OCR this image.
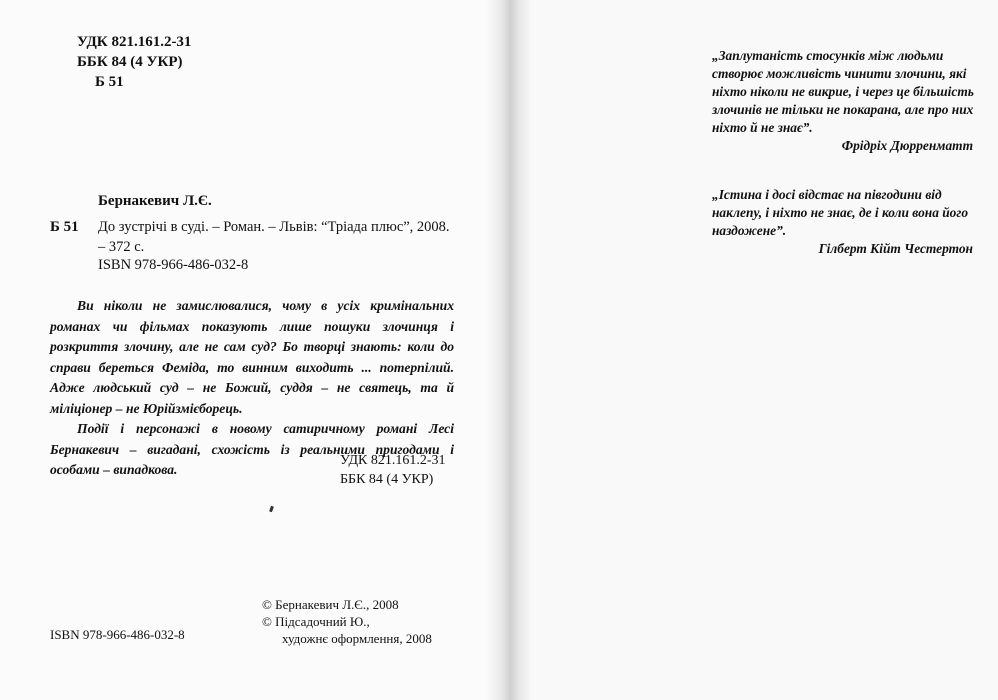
УДК 821.161.2-31
ББК 84 (4 УКР)
Б 51
Бернакевич Л.Є.
Б 51 До зустрічі в суді. – Роман. – Львів: “Тріада плюс”, 2008. – 372 с.
ISBN 978-966-486-032-8

Ви ніколи не замислювалися, чому в усіх кримінальних романах чи фільмах показують лише пошуки злочинця і розкриття злочину, але не сам суд? Бо творці знають: коли до справи береться Феміда, то винним виходить ... потерпілий. Адже людський суд – не Божий, суддя – не святець, та й міліціонер – не Юрійзмієборець.

Події і персонажі в новому сатиричному романі Лесі Бернакевич – вигадані, схожість із реальними пригодами і особами – випадкова.

УДК 821.161.2-31
ББК 84 (4 УКР)
© Бернакевич Л.Є., 2008
© Підсадочний Ю.,
художнє оформлення, 2008
ISBN 978-966-486-032-8

„Заплутаність стосунків між людьми створює можливість чинити злочини, які ніхто ніколи не викрие, і через це більшість злочинів не тільки не покарана, але про них ніхто й не знає”.

Фрідріх Дюрренматт

„Істина і досі відстає на півгодини від наклепу, і ніхто не знає, де і коли вона його наздожене”.

Гілберт Кійт Честертон
